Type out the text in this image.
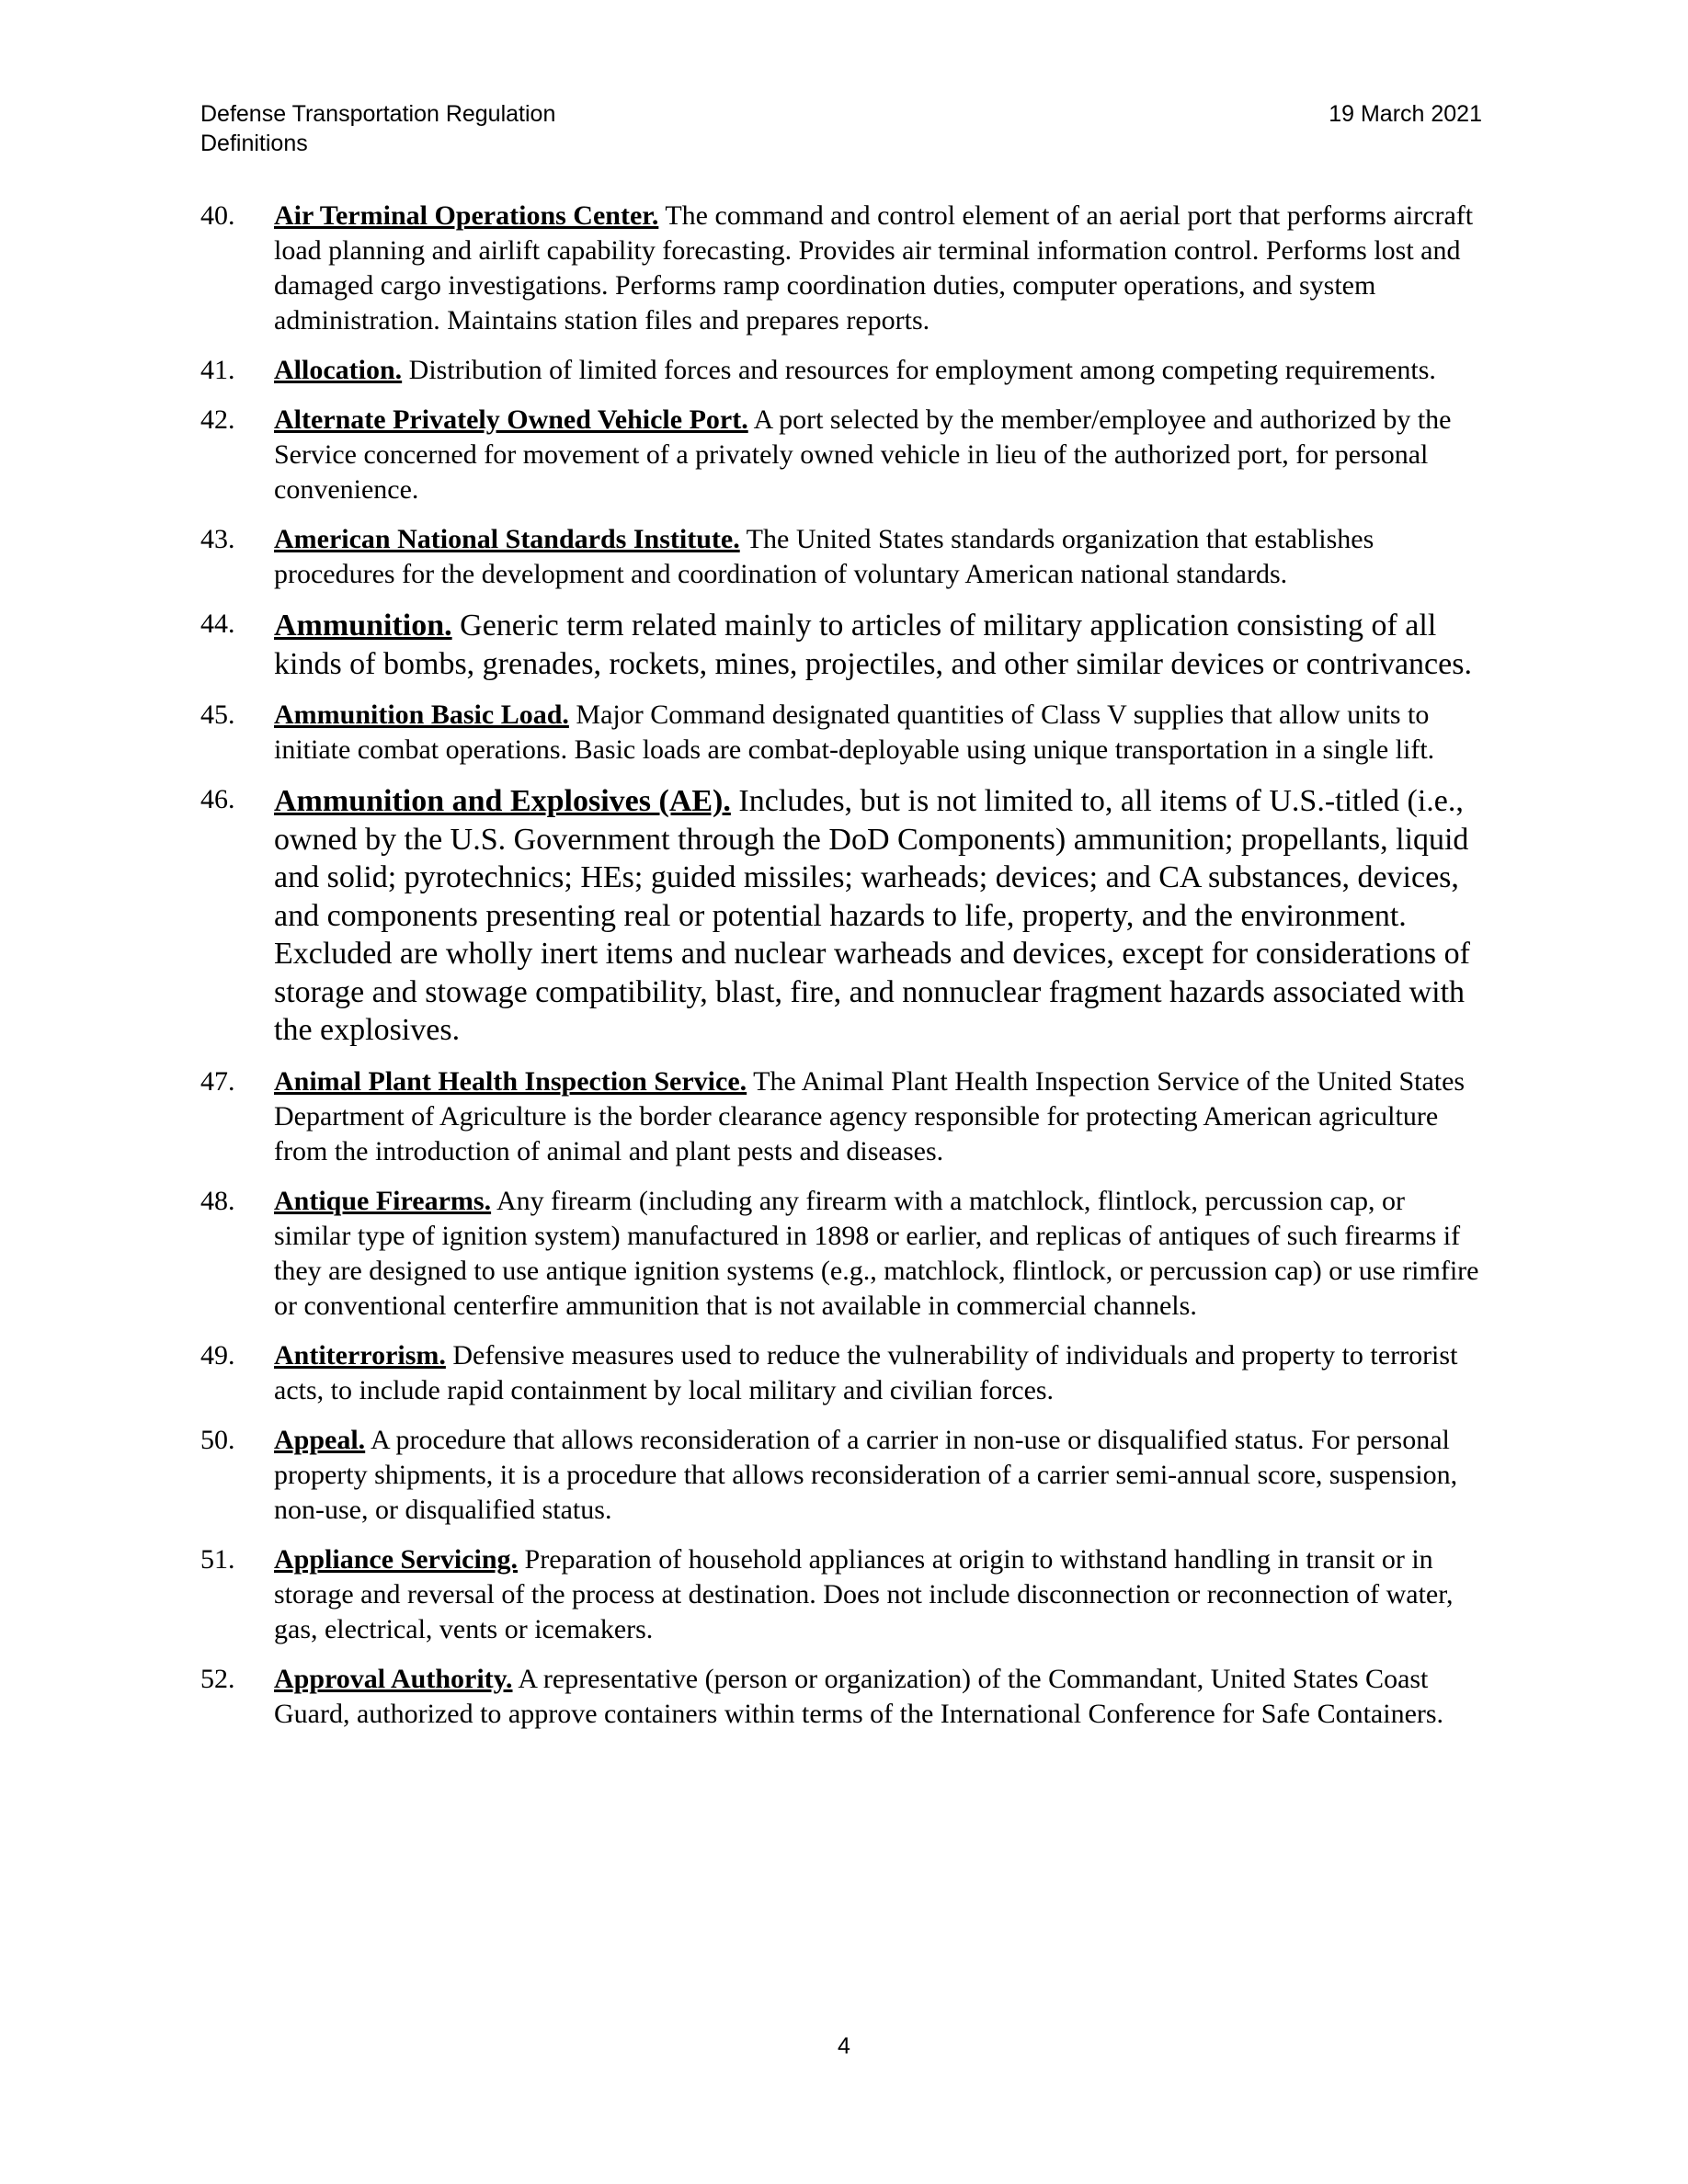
Defense Transportation Regulation
Definitions
19 March 2021
40.	Air Terminal Operations Center. The command and control element of an aerial port that performs aircraft load planning and airlift capability forecasting. Provides air terminal information control. Performs lost and damaged cargo investigations. Performs ramp coordination duties, computer operations, and system administration. Maintains station files and prepares reports.
41.	Allocation. Distribution of limited forces and resources for employment among competing requirements.
42.	Alternate Privately Owned Vehicle Port. A port selected by the member/employee and authorized by the Service concerned for movement of a privately owned vehicle in lieu of the authorized port, for personal convenience.
43.	American National Standards Institute. The United States standards organization that establishes procedures for the development and coordination of voluntary American national standards.
44.	Ammunition. Generic term related mainly to articles of military application consisting of all kinds of bombs, grenades, rockets, mines, projectiles, and other similar devices or contrivances.
45.	Ammunition Basic Load. Major Command designated quantities of Class V supplies that allow units to initiate combat operations. Basic loads are combat-deployable using unique transportation in a single lift.
46.	Ammunition and Explosives (AE). Includes, but is not limited to, all items of U.S.-titled (i.e., owned by the U.S. Government through the DoD Components) ammunition; propellants, liquid and solid; pyrotechnics; HEs; guided missiles; warheads; devices; and CA substances, devices, and components presenting real or potential hazards to life, property, and the environment. Excluded are wholly inert items and nuclear warheads and devices, except for considerations of storage and stowage compatibility, blast, fire, and nonnuclear fragment hazards associated with the explosives.
47.	Animal Plant Health Inspection Service. The Animal Plant Health Inspection Service of the United States Department of Agriculture is the border clearance agency responsible for protecting American agriculture from the introduction of animal and plant pests and diseases.
48.	Antique Firearms. Any firearm (including any firearm with a matchlock, flintlock, percussion cap, or similar type of ignition system) manufactured in 1898 or earlier, and replicas of antiques of such firearms if they are designed to use antique ignition systems (e.g., matchlock, flintlock, or percussion cap) or use rimfire or conventional centerfire ammunition that is not available in commercial channels.
49.	Antiterrorism. Defensive measures used to reduce the vulnerability of individuals and property to terrorist acts, to include rapid containment by local military and civilian forces.
50.	Appeal. A procedure that allows reconsideration of a carrier in non-use or disqualified status. For personal property shipments, it is a procedure that allows reconsideration of a carrier semi-annual score, suspension, non-use, or disqualified status.
51.	Appliance Servicing. Preparation of household appliances at origin to withstand handling in transit or in storage and reversal of the process at destination. Does not include disconnection or reconnection of water, gas, electrical, vents or icemakers.
52.	Approval Authority. A representative (person or organization) of the Commandant, United States Coast Guard, authorized to approve containers within terms of the International Conference for Safe Containers.
4
